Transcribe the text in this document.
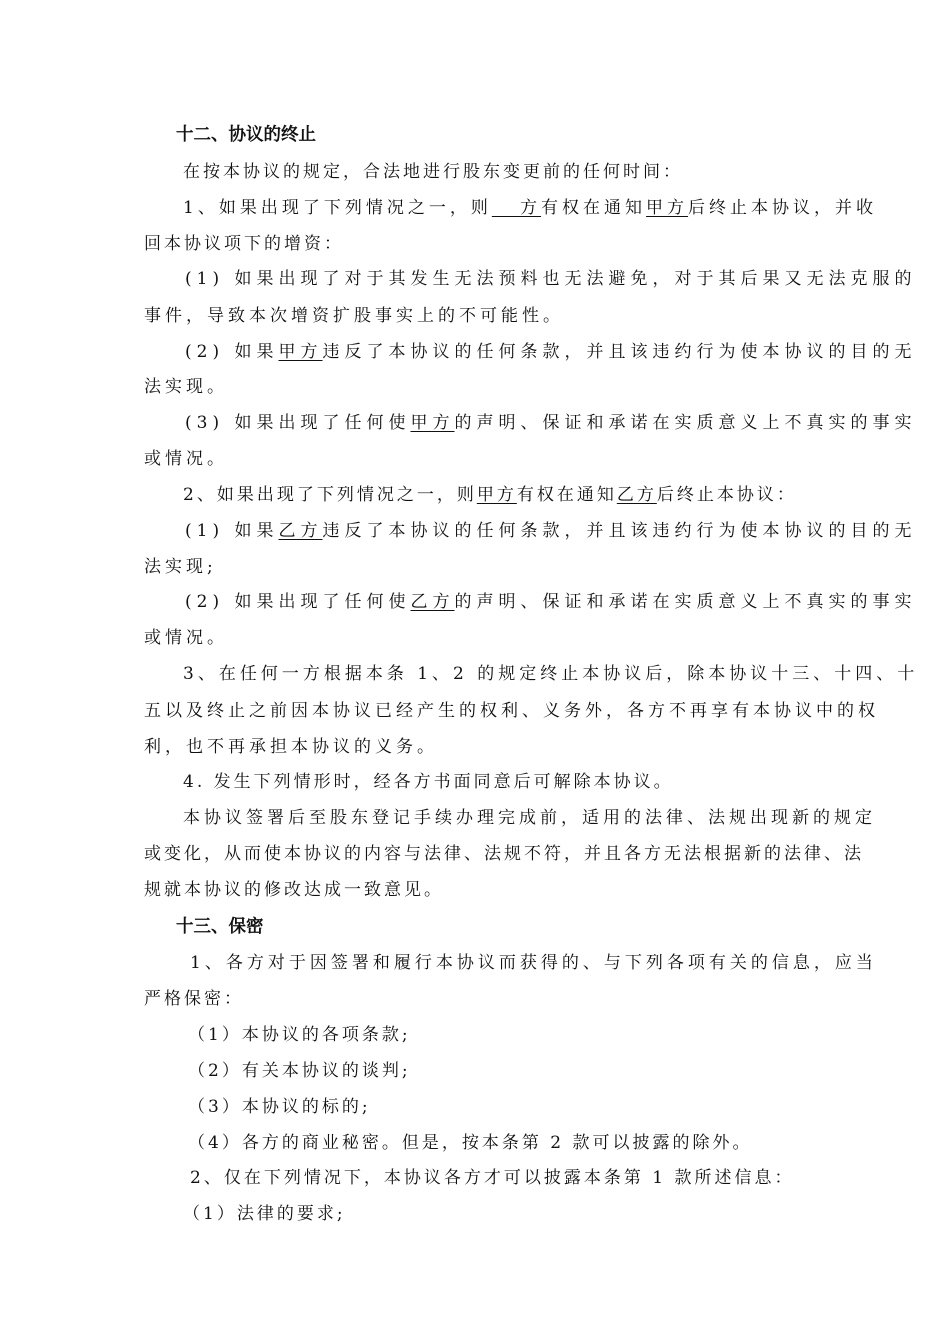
十二、协议的终止
在按本协议的规定，合法地进行股东变更前的任何时间：
1、如果出现了下列情况之一，则   方有权在通知甲方后终止本协议，并收
回本协议项下的增资：
(1) 如果出现了对于其发生无法预料也无法避免，对于其后果又无法克服的
事件，导致本次增资扩股事实上的不可能性。
(2) 如果甲方违反了本协议的任何条款，并且该违约行为使本协议的目的无
法实现。
(3) 如果出现了任何使甲方的声明、保证和承诺在实质意义上不真实的事实
或情况。
2、如果出现了下列情况之一，则甲方有权在通知乙方后终止本协议：
(1) 如果乙方违反了本协议的任何条款，并且该违约行为使本协议的目的无
法实现;
(2) 如果出现了任何使乙方的声明、保证和承诺在实质意义上不真实的事实
或情况。
3、在任何一方根据本条 1、2 的规定终止本协议后，除本协议十三、十四、十
五以及终止之前因本协议已经产生的权利、义务外，各方不再享有本协议中的权
利，也不再承担本协议的义务。
4. 发生下列情形时，经各方书面同意后可解除本协议。
本协议签署后至股东登记手续办理完成前，适用的法律、法规出现新的规定
或变化，从而使本协议的内容与法律、法规不符，并且各方无法根据新的法律、法
规就本协议的修改达成一致意见。
十三、保密
1、各方对于因签署和履行本协议而获得的、与下列各项有关的信息，应当
严格保密：
（1）本协议的各项条款;
（2）有关本协议的谈判;
（3）本协议的标的;
（4）各方的商业秘密。但是，按本条第 2 款可以披露的除外。
2、仅在下列情况下，本协议各方才可以披露本条第 1 款所述信息：
（1）法律的要求;
